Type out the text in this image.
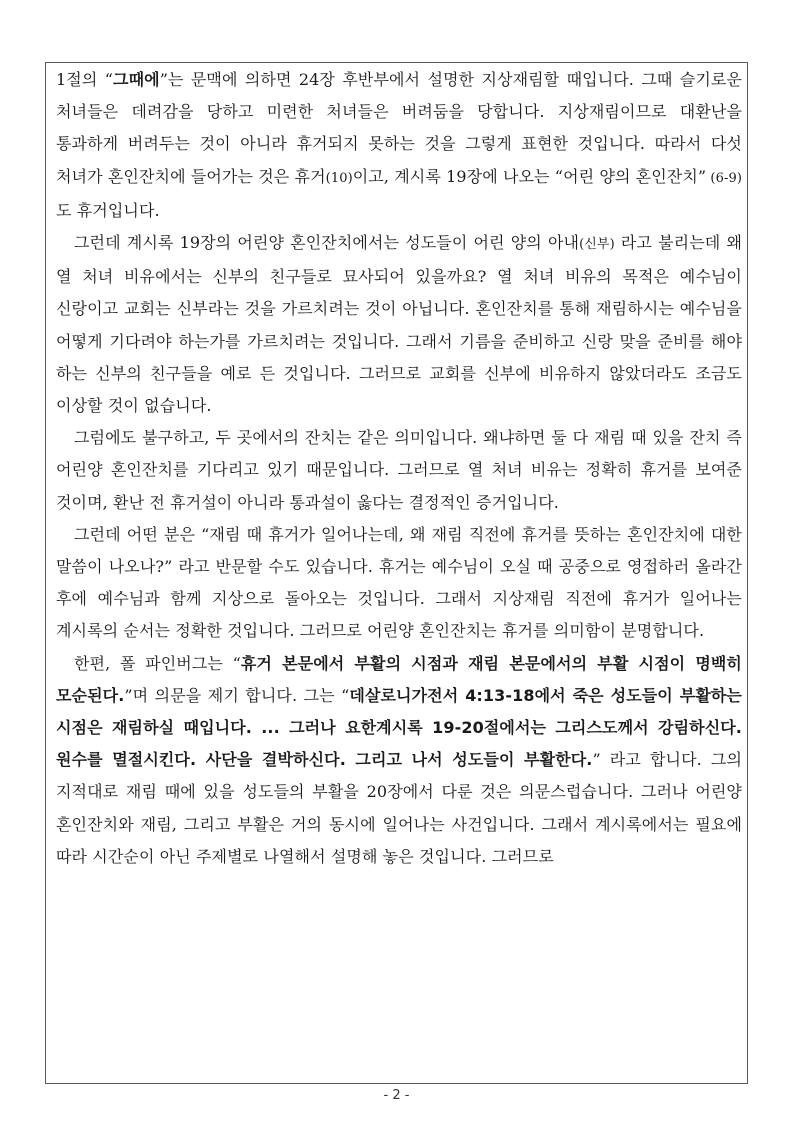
1절의 “그때에”는 문맥에 의하면 24장 후반부에서 설명한 지상재림할 때입니다. 그때 슬기로운 처녀들은 데려감을 당하고 미련한 처녀들은 버려둠을 당합니다. 지상재림이므로 대환난을 통과하게 버려두는 것이 아니라 휴거되지 못하는 것을 그렇게 표현한 것입니다. 따라서 다섯 처녀가 혼인잔치에 들어가는 것은 휴거(10)이고, 계시록 19장에 나오는 “어린 양의 혼인잔치” (6-9)도 휴거입니다.

그런데 계시록 19장의 어린양 혼인잔치에서는 성도들이 어린 양의 아내(신부) 라고 불리는데 왜 열 처녀 비유에서는 신부의 친구들로 묘사되어 있을까요? 열 처녀 비유의 목적은 예수님이 신랑이고 교회는 신부라는 것을 가르치려는 것이 아닙니다. 혼인잔치를 통해 재림하시는 예수님을 어떻게 기다려야 하는가를 가르치려는 것입니다. 그래서 기름을 준비하고 신랑 맞을 준비를 해야 하는 신부의 친구들을 예로 든 것입니다. 그러므로 교회를 신부에 비유하지 않았더라도 조금도 이상할 것이 없습니다.

그럼에도 불구하고, 두 곳에서의 잔치는 같은 의미입니다. 왜냐하면 둘 다 재림 때 있을 잔치 즉 어린양 혼인잔치를 기다리고 있기 때문입니다. 그러므로 열 처녀 비유는 정확히 휴거를 보여준 것이며, 환난 전 휴거설이 아니라 통과설이 옳다는 결정적인 증거입니다.

그런데 어떤 분은 “재림 때 휴거가 일어나는데, 왜 재림 직전에 휴거를 뜻하는 혼인잔치에 대한 말씀이 나오나?” 라고 반문할 수도 있습니다. 휴거는 예수님이 오실 때 공중으로 영접하러 올라간 후에 예수님과 함께 지상으로 돌아오는 것입니다. 그래서 지상재림 직전에 휴거가 일어나는 계시록의 순서는 정확한 것입니다. 그러므로 어린양 혼인잔치는 휴거를 의미함이 분명합니다.

한편, 폴 파인버그는 “휴거 본문에서 부활의 시점과 재림 본문에서의 부활 시점이 명백히 모순된다.”며 의문을 제기 합니다. 그는 “데살로니가전서 4:13-18에서 죽은 성도들이 부활하는 시점은 재림하실 때입니다. ... 그러나 요한계시록 19-20절에서는 그리스도께서 강림하신다. 원수를 멸절시킨다. 사단을 결박하신다. 그리고 나서 성도들이 부활한다.” 라고 합니다. 그의 지적대로 재림 때에 있을 성도들의 부활을 20장에서 다룬 것은 의문스럽습니다. 그러나 어린양 혼인잔치와 재림, 그리고 부활은 거의 동시에 일어나는 사건입니다. 그래서 계시록에서는 필요에 따라 시간순이 아닌 주제별로 나열해서 설명해 놓은 것입니다. 그러므로

- 2 -
